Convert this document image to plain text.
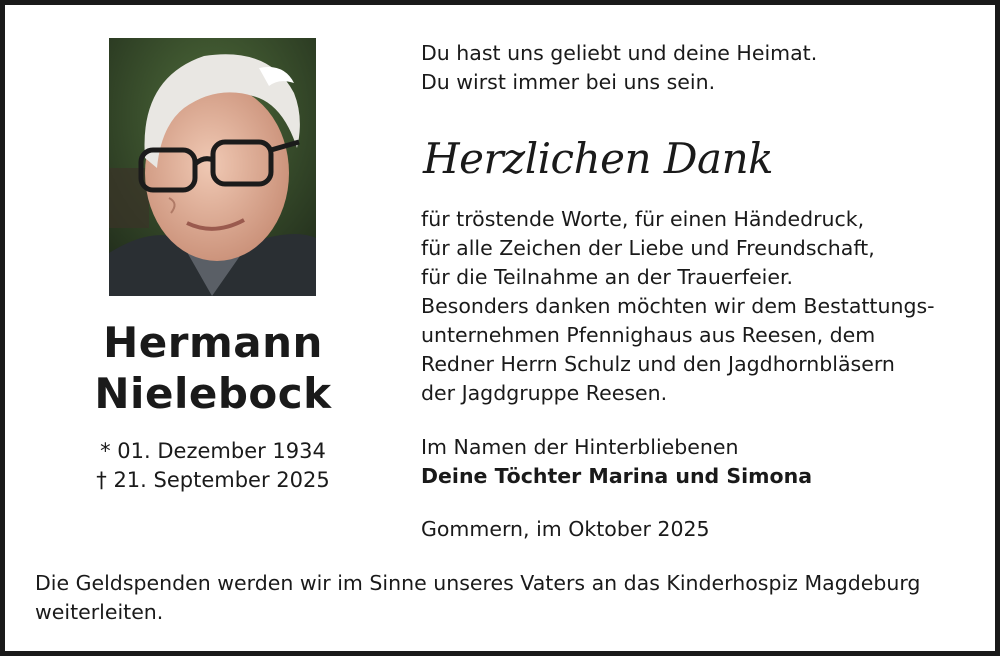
Hermann
Nielebock
* 01. Dezember 1934
† 21. September 2025
Du hast uns geliebt und deine Heimat.
Du wirst immer bei uns sein.
Herzlichen Dank
für tröstende Worte, für einen Händedruck,
für alle Zeichen der Liebe und Freundschaft,
für die Teilnahme an der Trauerfeier.
Besonders danken möchten wir dem Bestattungs-
unternehmen Pfennighaus aus Reesen, dem
Redner Herrn Schulz und den Jagdhornbläsern
der Jagdgruppe Reesen.
Im Namen der Hinterbliebenen
Deine Töchter Marina und Simona
Gommern, im Oktober 2025
Die Geldspenden werden wir im Sinne unseres Vaters an das Kinderhospiz Magdeburg weiterleiten.
